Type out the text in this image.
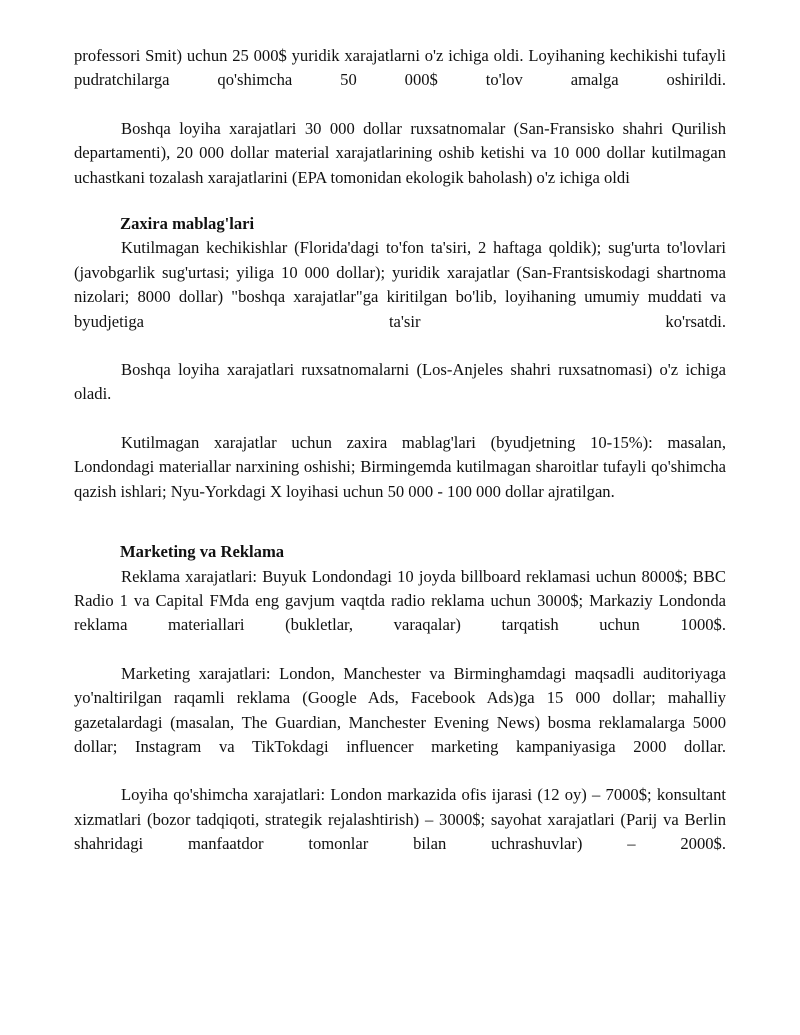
professori Smit) uchun 25 000$ yuridik xarajatlarni o'z ichiga oldi. Loyihaning kechikishi tufayli pudratchilarga qo'shimcha 50 000$ to'lov amalga oshirildi.

Boshqa loyiha xarajatlari 30 000 dollar ruxsatnomalar (San-Fransisko shahri Qurilish departamenti), 20 000 dollar material xarajatlarining oshib ketishi va 10 000 dollar kutilmagan uchastkani tozalash xarajatlarini (EPA tomonidan ekologik baholash) o'z ichiga oldi

Zaxira mablag'lari

Kutilmagan kechikishlar (Florida'dagi to'fon ta'siri, 2 haftaga qoldik); sug'urta to'lovlari (javobgarlik sug'urtasi; yiliga 10 000 dollar); yuridik xarajatlar (San-Frantsiskodagi shartnoma nizolari; 8000 dollar) "boshqa xarajatlar"ga kiritilgan bo'lib, loyihaning umumiy muddati va byudjetiga ta'sir ko'rsatdi.

Boshqa loyiha xarajatlari ruxsatnomalarni (Los-Anjeles shahri ruxsatnomasi) o'z ichiga oladi.

Kutilmagan xarajatlar uchun zaxira mablag'lari (byudjetning 10-15%): masalan, Londondagi materiallar narxining oshishi; Birmingemda kutilmagan sharoitlar tufayli qo'shimcha qazish ishlari; Nyu-Yorkdagi X loyihasi uchun 50 000 - 100 000 dollar ajratilgan.

Marketing va Reklama

Reklama xarajatlari: Buyuk Londondagi 10 joyda billboard reklamasi uchun 8000$; BBC Radio 1 va Capital FMda eng gavjum vaqtda radio reklama uchun 3000$; Markaziy Londonda reklama materiallari (bukletlar, varaqalar) tarqatish uchun 1000$.

Marketing xarajatlari: London, Manchester va Birminghamdagi maqsadli auditoriyaga yo'naltirilgan raqamli reklama (Google Ads, Facebook Ads)ga 15 000 dollar; mahalliy gazetalardagi (masalan, The Guardian, Manchester Evening News) bosma reklamalarga 5000 dollar; Instagram va TikTokdagi influencer marketing kampaniyasiga 2000 dollar.

Loyiha qo'shimcha xarajatlari: London markazida ofis ijarasi (12 oy) – 7000$; konsultant xizmatlari (bozor tadqiqoti, strategik rejalashtirish) – 3000$; sayohat xarajatlari (Parij va Berlin shahridagi manfaatdor tomonlar bilan uchrashuvlar) – 2000$.
